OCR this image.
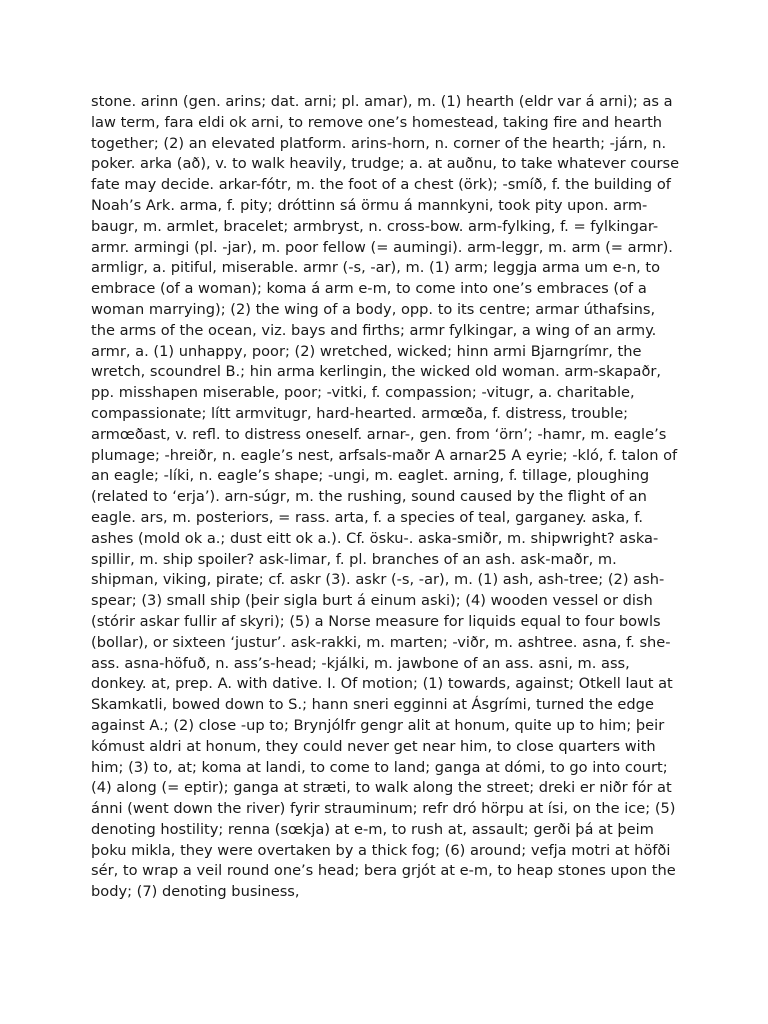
stone. arinn (gen. arins; dat. arni; pl. amar), m. (1) hearth (eldr var á arni); as a law term, fara eldi ok arni, to remove one’s homestead, taking fire and hearth together; (2) an elevated platform. arins-horn, n. corner of the hearth; -járn, n. poker. arka (að), v. to walk heavily, trudge; a. at auðnu, to take whatever course fate may decide. arkar-fótr, m. the foot of a chest (örk); -smíð, f. the building of Noah’s Ark. arma, f. pity; dróttinn sá örmu á mannkyni, took pity upon. arm-baugr, m. armlet, bracelet; armbryst, n. cross-bow. arm-fylking, f. = fylkingar-armr. armingi (pl. -jar), m. poor fellow (= aumingi). arm-leggr, m. arm (= armr). armligr, a. pitiful, miserable. armr (-s, -ar), m. (1) arm; leggja arma um e-n, to embrace (of a woman); koma á arm e-m, to come into one’s embraces (of a woman marrying); (2) the wing of a body, opp. to its centre; armar úthafsins, the arms of the ocean, viz. bays and firths; armr fylkingar, a wing of an army. armr, a. (1) unhappy, poor; (2) wretched, wicked; hinn armi Bjarngrímr, the wretch, scoundrel B.; hin arma kerlingin, the wicked old woman. arm-skapaðr, pp. misshapen miserable, poor; -vitki, f. compassion; -vitugr, a. charitable, compassionate; lítt armvitugr, hard-hearted. armœða, f. distress, trouble; armœðast, v. refl. to distress oneself. arnar-, gen. from ‘örn’; -hamr, m. eagle’s plumage; -hreiðr, n. eagle’s nest, arfsals-maðr A arnar25 A eyrie; -kló, f. talon of an eagle; -líki, n. eagle’s shape; -ungi, m. eaglet. arning, f. tillage, ploughing (related to ‘erja’). arn-súgr, m. the rushing, sound caused by the flight of an eagle. ars, m. posteriors, = rass. arta, f. a species of teal, garganey. aska, f. ashes (mold ok a.; dust eitt ok a.). Cf. ösku-. aska-smiðr, m. shipwright? aska-spillir, m. ship spoiler? ask-limar, f. pl. branches of an ash. ask-maðr, m. shipman, viking, pirate; cf. askr (3). askr (-s, -ar), m. (1) ash, ash-tree; (2) ash-spear; (3) small ship (þeir sigla burt á einum aski); (4) wooden vessel or dish (stórir askar fullir af skyri); (5) a Norse measure for liquids equal to four bowls (bollar), or sixteen ‘justur’. ask-rakki, m. marten; -viðr, m. ashtree. asna, f. she-ass. asna-höfuð, n. ass’s-head; -kjálki, m. jawbone of an ass. asni, m. ass, donkey. at, prep. A. with dative. I. Of motion; (1) towards, against; Otkell laut at Skamkatli, bowed down to S.; hann sneri egginni at Ásgrími, turned the edge against A.; (2) close -up to; Brynjólfr gengr alit at honum, quite up to him; þeir kómust aldri at honum, they could never get near him, to close quarters with him; (3) to, at; koma at landi, to come to land; ganga at dómi, to go into court; (4) along (= eptir); ganga at stræti, to walk along the street; dreki er niðr fór at ánni (went down the river) fyrir strauminum; refr dró hörpu at ísi, on the ice; (5) denoting hostility; renna (sœkja) at e-m, to rush at, assault; gerði þá at þeim þoku mikla, they were overtaken by a thick fog; (6) around; vefja motri at höfði sér, to wrap a veil round one’s head; bera grjót at e-m, to heap stones upon the body; (7) denoting business,
